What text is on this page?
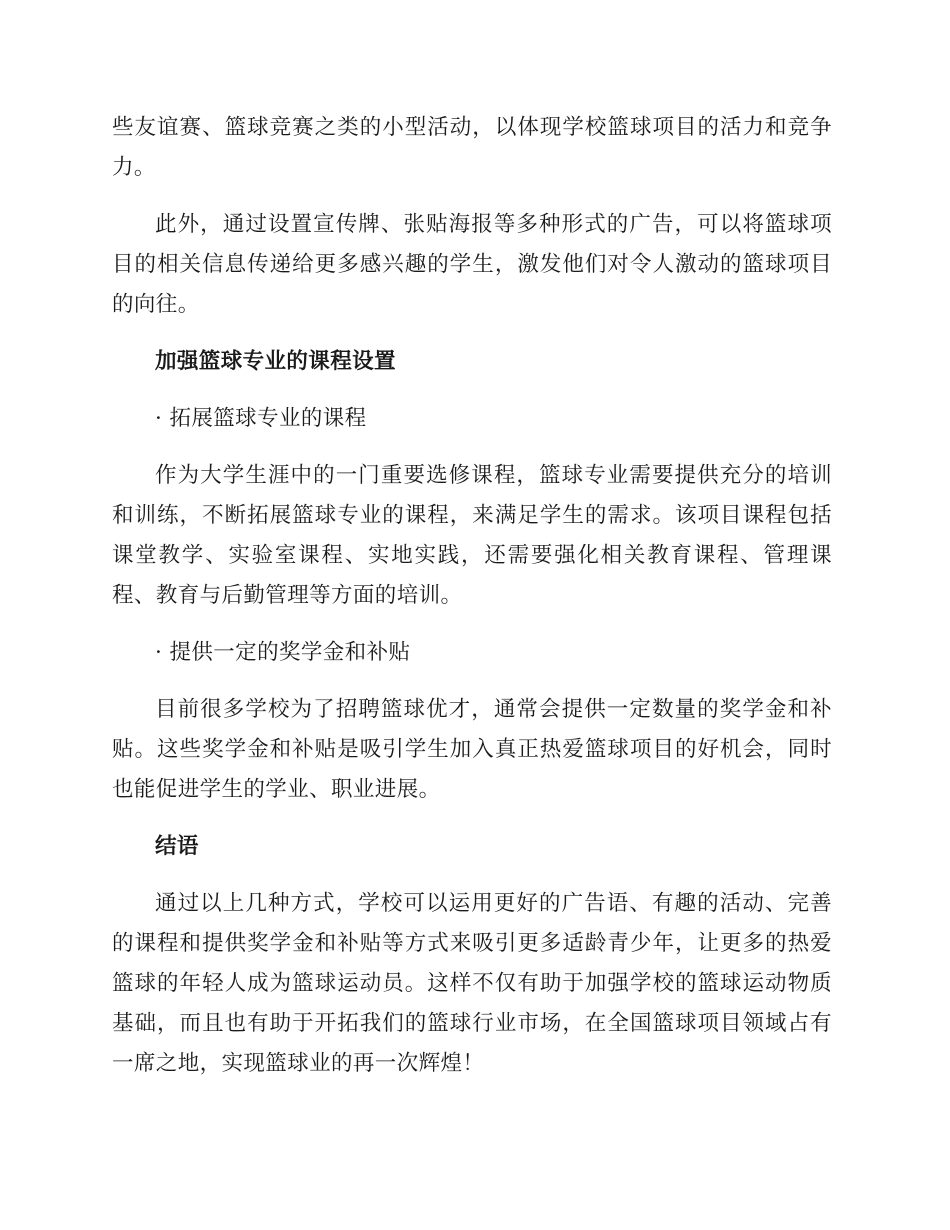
些友谊赛、篮球竞赛之类的小型活动，以体现学校篮球项目的活力和竞争力。

此外，通过设置宣传牌、张贴海报等多种形式的广告，可以将篮球项目的相关信息传递给更多感兴趣的学生，激发他们对令人激动的篮球项目的向往。

加强篮球专业的课程设置

· 拓展篮球专业的课程

作为大学生涯中的一门重要选修课程，篮球专业需要提供充分的培训和训练，不断拓展篮球专业的课程，来满足学生的需求。该项目课程包括课堂教学、实验室课程、实地实践，还需要强化相关教育课程、管理课程、教育与后勤管理等方面的培训。

· 提供一定的奖学金和补贴

目前很多学校为了招聘篮球优才，通常会提供一定数量的奖学金和补贴。这些奖学金和补贴是吸引学生加入真正热爱篮球项目的好机会，同时也能促进学生的学业、职业进展。

结语

通过以上几种方式，学校可以运用更好的广告语、有趣的活动、完善的课程和提供奖学金和补贴等方式来吸引更多适龄青少年，让更多的热爱篮球的年轻人成为篮球运动员。这样不仅有助于加强学校的篮球运动物质基础，而且也有助于开拓我们的篮球行业市场，在全国篮球项目领域占有一席之地，实现篮球业的再一次辉煌！
